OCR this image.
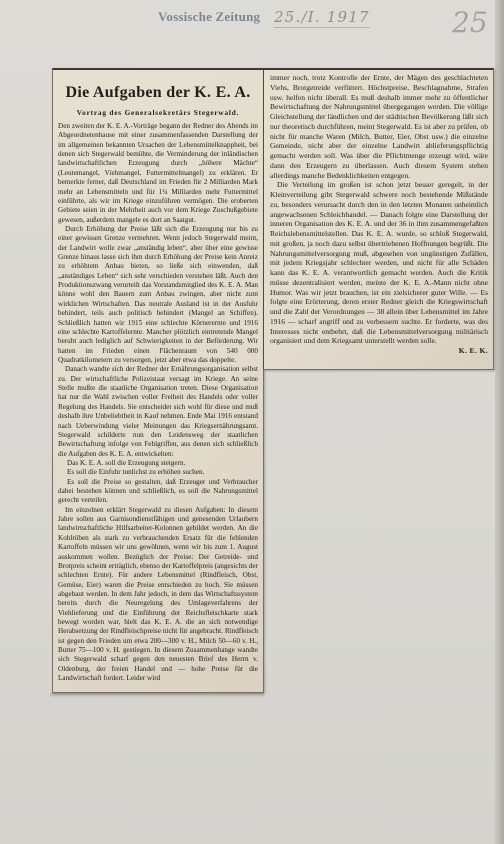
Vossische Zeitung 25./I. 1917	25
Die Aufgaben der K. E. A.
Vortrag des Generalsekretärs Stegerwald.

Den zweiten der K. E. A.-Vorträge begann der Redner des Abends im Abgeordnetenhause mit einer zusammenfassenden Darstellung der im allgemeinen bekannten Ursachen der Lebensmittelknappheit, bei denen sich Stegerwald bemühte, die Verminderung der inländischen landwirtschaftlichen Erzeugung durch „höhere Mächte“ (Leutemangel, Viehmangel, Futtermittelmangel) zu erklären. Er bemerkte ferner, daß Deutschland im Frieden für 2 Milliarden Mark mehr an Lebensmitteln und für 1¼ Milliarden mehr Futtermittel einführte, als wir im Kriege einzuführen vermögen. Die eroberten Gebiete seien in der Mehrheit auch vor dem Kriege Zuschußgebiete gewesen, außerdem mangele es dort an Saatgut.

Durch Erhöhung der Preise läßt sich die Erzeugung nur bis zu einer gewissen Grenze vermehren. Wenn jedoch Stegerwald meint, der Landwirt wolle zwar „anständig leben“, aber über eine gewisse Grenze hinaus lasse sich ihm durch Erhöhung der Preise kein Anreiz zu erhöhtem Anbau bieten, so ließe sich einwenden, daß „anständiges Leben“ sich sehr verschieden verstehen läßt. Auch den Produktionszwang verurteilt das Vorstandsmitglied des K. E. A. Man könne wohl den Bauern zum Anbau zwingen, aber nicht zum wirklichen Wirtschaften. Das neutrale Ausland ist in der Ausfuhr behindert, teils auch politisch behindert (Mangel an Schiffen). Schließlich hatten wir 1915 eine schlechte Körnerernte und 1916 eine schlechte Kartoffelernte. Mancher plötzlich eintretende Mangel beruht auch lediglich auf Schwierigkeiten in der Beförderung. Wir hatten im Frieden einen Flächenraum von 540 000 Quadratkilometern zu versorgen, jetzt aber etwa das doppelte.

Danach wandte sich der Redner der Ernährungsorganisation selbst zu. Der wirtschaftliche Polizeistaat versagt im Kriege. An seine Stelle mußte die staatliche Organisation treten. Diese Organisation hat nur die Wahl zwischen voller Freiheit des Handels oder voller Regelung des Handels. Sie entscheidet sich wohl für diese und muß deshalb ihre Unbeliebtheit in Kauf nehmen. Ende Mai 1916 entstand nach Ueberwindung vieler Meinungen das Kriegsernährungsamt. Stegerwald schilderte nun den Leidensweg der staatlichen Bewirtschaftung infolge von Fehlgriffen, aus denen sich schließlich die Aufgaben des K. E. A. entwickelten:

Das K. E. A. soll die Erzeugung steigern.

Es soll die Einfuhr tunlichst zu erhöhen suchen.

Es soll die Preise so gestalten, daß Erzeuger und Verbraucher dabei bestehen können und schließlich, es soll die Nahrungsmittel gerecht verteilen.

Im einzelnen erklärt Stegerwald zu diesen Aufgaben: In diesem Jahre sollen aus Garnisondienstfähigen und genesenden Urlaubern landwirtschaftliche Hilfsarbeiter-Kolonnen gebildet werden. An die Kohlrüben als stark zu verbrauchenden Ersatz für die fehlenden Kartoffeln müssen wir uns gewöhnen, wenn wir bis zum 1. August auskommen wollen. Bezüglich der Preise: Der Getreide- und Brotpreis scheint erträglich, ebenso der Kartoffelpreis (angesichts der schlechten Ernte). Für andere Lebensmittel (Rindfleisch, Obst, Gemüse, Eier) waren die Preise entschieden zu hoch. Sie müssen abgebaut werden. In dem Jahr jedoch, in dem das Wirtschaftssystem bereits durch die Neuregelung des Umlageverfahrens der Viehlieferung und die Einführung der Reichsfleischkarte stark bewegt worden war, hielt das K. E. A. die an sich notwendige Herabsetzung der Rindfleischpreise nicht für angebracht. Rindfleisch ist gegen den Frieden um etwa 200—300 v. H., Milch 50—60 v. H., Butter 75—100 v. H. gestiegen. In diesem Zusammenhange wandte sich Stegerwald scharf gegen den neuesten Brief des Herrn v. Oldenburg, der freien Handel und — hohe Preise für die Landwirtschaft fordert. Leider wird

immer noch, trotz Kontrolle der Ernte, der Mägen des geschlachteten Viehs, Brotgetreide verfüttert. Höchstpreise, Beschlagnahme, Strafen usw. helfen nicht überall. Es muß deshalb immer mehr zu öffentlicher Bewirtschaftung der Nahrungsmittel übergegangen werden. Die völlige Gleichstellung der ländlichen und der städtischen Bevölkerung läßt sich nur theoretisch durchführen, meint Stegerwald. Es ist aber zu prüfen, ob nicht für manche Waren (Milch, Butter, Eier, Obst usw.) die einzelne Gemeinde, nicht aber der einzelne Landwirt ablieferungspflichtig gemacht werden soll. Was über die Pflichtmenge erzeugt wird, wäre dann den Erzeugern zu überlassen. Auch diesem System stehen allerdings manche Bedenklichkeiten entgegen.

Die Verteilung im großen ist schon jetzt besser geregelt, in der Kleinverteilung gibt Stegerwald schwere noch bestehende Mißstände zu, besonders verursacht durch den in den letzten Monaten unheimlich angewachsenen Schleichhandel. — Danach folgte eine Darstellung der inneren Organisation des K. E. A. und der 36 in ihm zusammengefaßten Reichslebensmittelstellen. Das K. E. A. wurde, so schloß Stegerwald, mit großen, ja noch dazu selbst übertriebenen Hoffnungen begrüßt. Die Nahrungsmittelversorgung muß, abgesehen von ungünstigen Zufällen, mit jedem Kriegsjahr schlechter werden, und nicht für alle Schäden kann das K. E. A. verantwortlich gemacht werden. Auch die Kritik müsse dezentralisiert werden, meinte der K. E. A.-Mann nicht ohne Humor. Was wir jetzt brauchen, ist ein zielsicherer guter Wille. — Es folgte eine Erörterung, deren erster Redner gleich die Kriegswirtschaft und die Zahl der Verordnungen — 38 allein über Lebensmittel im Jahre 1916 — scharf angriff und zu verbessern suchte. Er forderte, was des Interesses nicht entbehrt, daß die Lebensmittelversorgung militärisch organisiert und dem Kriegsamt unterstellt werden solle.

K. E. K.
